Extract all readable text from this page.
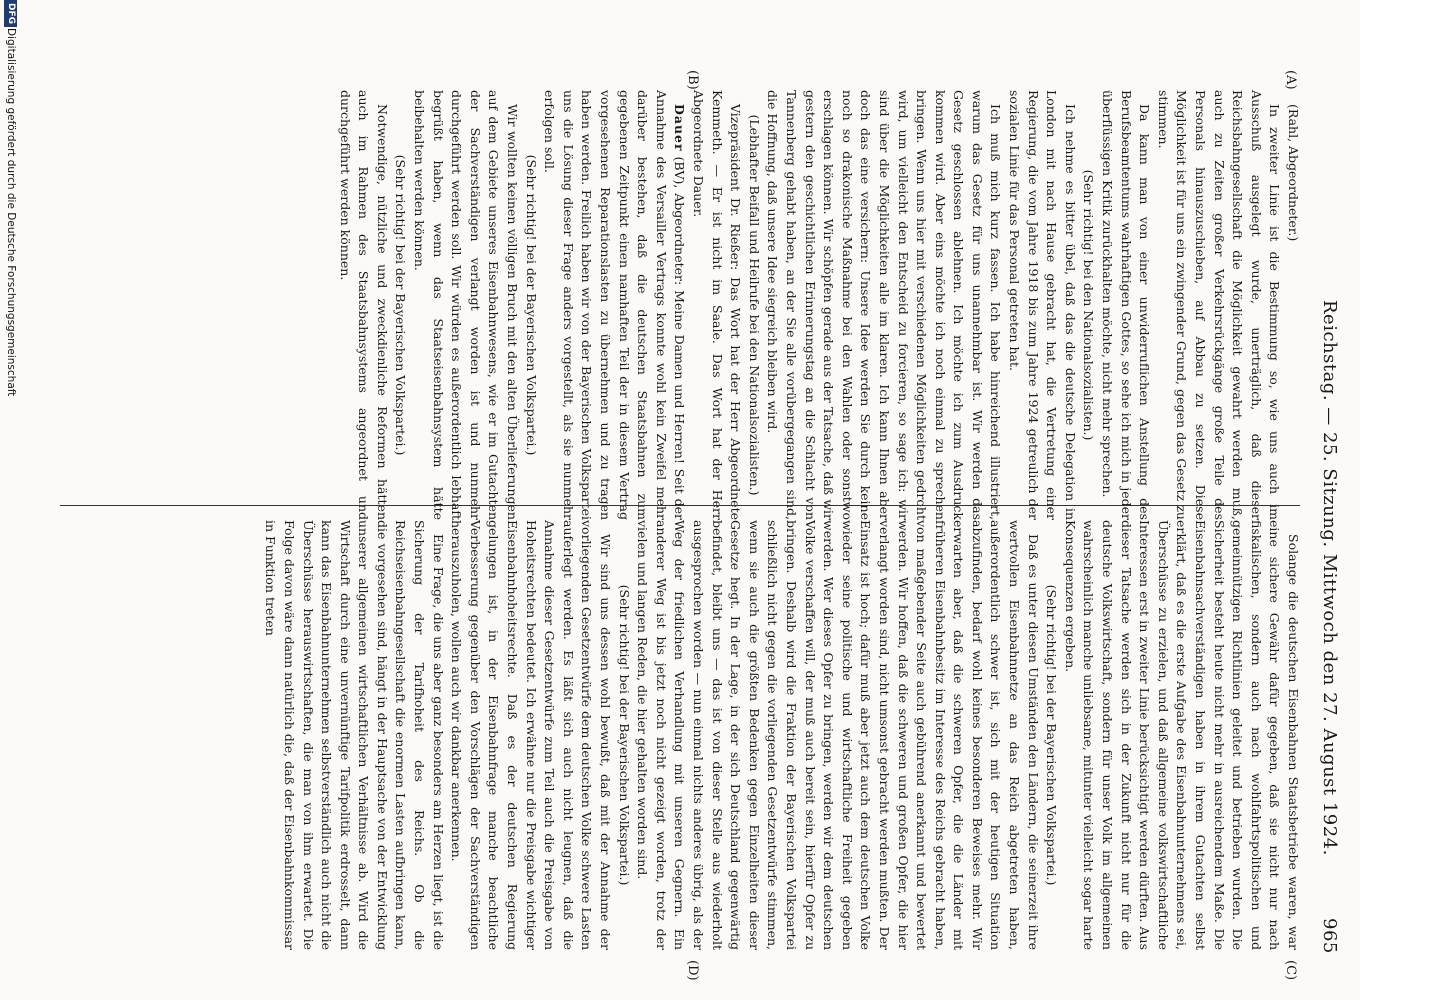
Reichstag. — 25. Sitzung. Mittwoch den 27. August 1924.
965
(A)
(B)
(C)
(D)

(Rahl, Abgeordneter.)

In zweiter Linie ist die Bestimmung so, wie uns auch im Ausschuß ausgelegt wurde, unerträglich, daß dieser Reichsbahngesellschaft die Möglichkeit gewahrt werden muß, auch zu Zeiten großer Verkehrsrückgänge große Teile des Personals hinauszuschieben, auf Abbau zu setzen. Diese Möglichkeit ist für uns ein zwingender Grund, gegen das Gesetz zu stimmen.

Da kann man von einer unwiderruflichen Anstellung des Berufsbeamtentums wahrhaftigen Gottes, so sehe ich mich in jeder überflüssigen Kritik zurückhalten möchte, nicht mehr sprechen.

(Sehr richtig! bei den Nationalsozialisten.)

Ich nehme es bitter übel, daß das die deutsche Delegation in London mit nach Hause gebracht hat, die Vertretung einer Regierung, die vom Jahre 1918 bis zum Jahre 1924 getreulich der sozialen Linie für das Personal getreten hat.

Ich muß mich kurz fassen. Ich habe hinreichend illustriert, warum das Gesetz für uns unannehmbar ist. Wir werden das Gesetz geschlossen ablehnen. Ich möchte ich zum Ausdruck kommen wird. Aber eins möchte ich noch einmal zu sprechen bringen. Wenn uns hier mit verschiedenen Möglichkeiten gedroht wird, um vielleicht den Entscheid zu forcieren, so sage ich: wir sind über die Möglichkeiten alle im klaren. Ich kann Ihnen aber doch das eine versichern: Unsere Idee werden Sie durch keine noch so drakonische Maßnahme bei den Wahlen oder sonstwo erschlagen können. Wir schöpfen gerade aus der Tatsache, daß wir gestern den geschichtlichen Erinnerungstag an die Schlacht von Tannenberg gehabt haben, an der Sie alle vorübergegangen sind, die Hoffnung, daß unsere Idee siegreich bleiben wird.

(Lebhafter Beifall und Heilrufe bei den Nationalsozialisten.)

Vizepräsident Dr. Rießer: Das Wort hat der Herr Abgeordnete Kemmeth. — Er ist nicht im Saale. Das Wort hat der Herr Abgeordnete Dauer.

Dauer (BV), Abgeordneter: Meine Damen und Herren! Seit der Annahme des Versailler Vertrags konnte wohl kein Zweifel mehr darüber bestehen, daß die deutschen Staatsbahnen zum gegebenen Zeitpunkt einen namhaften Teil der in diesem Vertrag vorgesehenen Reparationslasten zu übernehmen und zu tragen haben werden. Freilich haben wir von der Bayerischen Volkspartei uns die Lösung dieser Frage anders vorgestellt, als sie nunmehr erfolgen soll.

(Sehr richtig! bei der Bayerischen Volkspartei.)

Wir wollten keinen völligen Bruch mit den alten Überlieferungen auf dem Gebiete unseres Eisenbahnwesens, wie er im Gutachten der Sachverständigen verlangt worden ist und nunmehr durchgeführt werden soll. Wir würden es außerordentlich lebhaft begrüßt haben, wenn das Staatseisenbahnsystem hätte beibehalten werden können.

(Sehr richtig! bei der Bayerischen Volkspartei.)

Notwendige, nützliche und zweckdienliche Reformen hätten auch im Rahmen des Staatsbahnsystems angeordnet und durchgeführt werden können.

Solange die deutschen Eisenbahnen Staatsbetriebe waren, war eine sichere Gewähr dafür gegeben, daß sie nicht nur nach fiskalischen, sondern auch nach wohlfahrtspolitischen und gemeinnützigen Richtlinien geleitet und betrieben wurden. Die Sicherheit besteht heute nicht mehr in ausreichendem Maße. Die Eisenbahnsachverständigen haben in ihrem Gutachten selbst erklärt, daß es die erste Aufgabe des Eisenbahnunternehmens sei, Überschüsse zu erzielen, und daß allgemeine volkswirtschaftliche Interessen erst in zweiter Linie berücksichtigt werden dürften. Aus dieser Tatsache werden sich in der Zukunft nicht nur für die deutsche Volkswirtschaft, sondern für unser Volk im allgemeinen wahrscheinlich manche unliebsame, mitunter vielleicht sogar harte Konsequenzen ergeben.

(Sehr richtig! bei der Bayerischen Volkspartei.)

Daß es unter diesen Umständen den Ländern, die seinerzeit ihre wertvollen Eisenbahnnetze an das Reich abgetreten haben, außerordentlich schwer ist, sich mit der heutigen Situation abzufinden, bedarf wohl keines besonderen Beweises mehr. Wir erwarten aber, daß die schweren Opfer, die die Länder mit früheren Eisenbahnbesitz im Interesse des Reichs gebracht haben, von maßgebender Seite auch gebührend anerkannt und bewertet werden. Wir hoffen, daß die schweren und großen Opfer, die hier verlangt worden sind, nicht umsonst gebracht werden mußten. Der Einsatz ist hoch; dafür muß aber jetzt auch dem deutschen Volke wieder seine politische und wirtschaftliche Freiheit gegeben werden. Wer dieses Opfer zu bringen, werden wir dem deutschen Volke verschaffen will, der muß auch bereit sein, hierfür Opfer zu bringen. Deshalb wird die Fraktion der Bayerischen Volkspartei schließlich nicht gegen die vorliegenden Gesetzentwürfe stimmen, wenn sie auch die größten Bedenken gegen Einzelheiten dieser Gesetze hegt. In der Lage, in der sich Deutschland gegenwärtig befindet, bleibt uns — das ist von dieser Stelle aus wiederholt ausgesprochen worden — nun einmal nichts anderes übrig, als der Weg der friedlichen Verhandlung mit unseren Gegnern. Ein anderer Weg ist bis jetzt noch nicht gezeigt worden, trotz der vielen und langen Reden, die hier gehalten worden sind.

(Sehr richtig! bei der Bayerischen Volkspartei.)

Wir sind uns dessen wohl bewußt, daß mit der Annahme der vorliegenden Gesetzentwürfe dem deutschen Volke schwere Lasten auferlegt werden. Es läßt sich auch nicht leugnen, daß die Annahme dieser Gesetzentwürfe zum Teil auch die Preisgabe von Hoheitsrechten bedeutet. Ich erwähne nur die Preisgabe wichtiger Eisenbahnhoheitsrechte. Daß es der deutschen Regierung gelungen ist, in der Eisenbahnfrage manche beachtliche Verbesserung gegenüber den Vorschlägen der Sachverständigen herauszuholen, wollen auch wir dankbar anerkennen.

Eine Frage, die uns aber ganz besonders am Herzen liegt, ist die Sicherung der Tarifhoheit des Reichs. Ob die Reichseisenbahngesellschaft die enormen Lasten aufbringen kann, die vorgesehen sind, hängt in der Hauptsache von der Entwicklung unserer allgemeinen wirtschaftlichen Verhältnisse ab. Wird die Wirtschaft durch eine unvernünftige Tarifpolitik erdrosselt, dann kann das Eisenbahnunternehmen selbstverständlich auch nicht die Überschüsse herauswirtschaften, die man von ihm erwartet. Die Folge davon wäre dann natürlich die, daß der Eisenbahnkommissar in Funktion treten

DFG
Digitalisierung gefördert durch die Deutsche Forschungsgemeinschaft
